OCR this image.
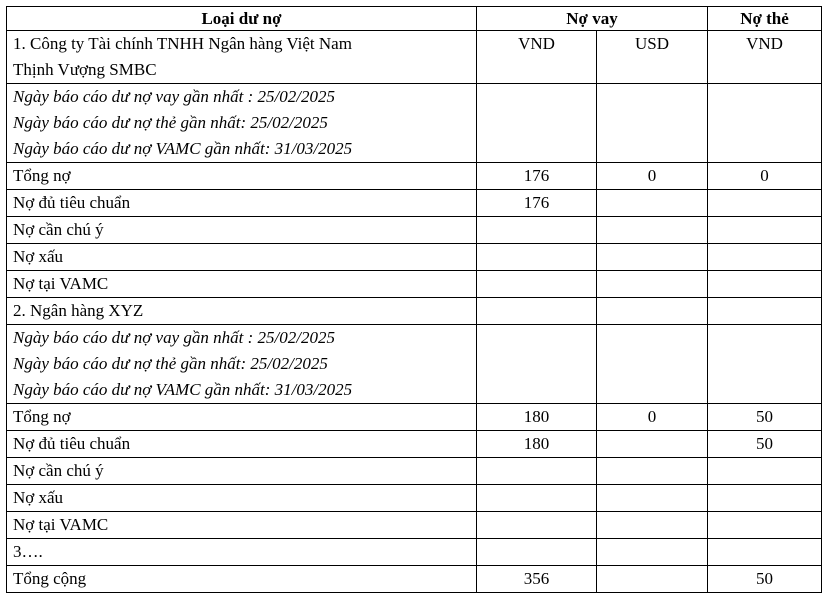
Loại dư nợ	Nợ vay		Nợ thẻ

1. Công ty Tài chính TNHH Ngân hàng Việt Nam
Thịnh Vượng SMBC	VND	USD	VND

Ngày báo cáo dư nợ vay gần nhất : 25/02/2025
Ngày báo cáo dư nợ thẻ gần nhất: 25/02/2025
Ngày báo cáo dư nợ VAMC gần nhất: 31/03/2025			

Tổng nợ	176	0	0
Nợ đủ tiêu chuẩn	176		
Nợ cần chú ý			
Nợ xấu			
Nợ tại VAMC			
2. Ngân hàng XYZ			

Ngày báo cáo dư nợ vay gần nhất : 25/02/2025
Ngày báo cáo dư nợ thẻ gần nhất: 25/02/2025
Ngày báo cáo dư nợ VAMC gần nhất: 31/03/2025			

Tổng nợ	180	0	50
Nợ đủ tiêu chuẩn	180		50
Nợ cần chú ý			
Nợ xấu			
Nợ tại VAMC			
3….			
Tổng cộng	356		50
